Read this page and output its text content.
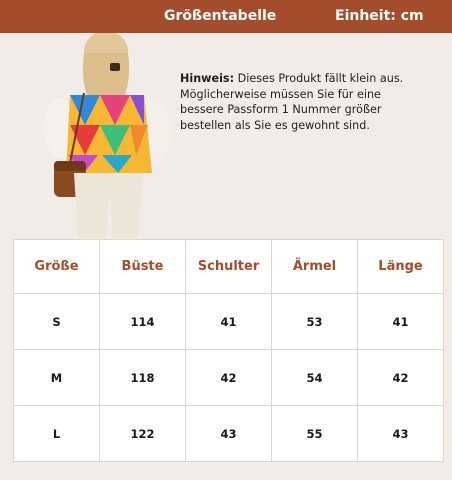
Größentabelle	Einheit: cm
Hinweis: Dieses Produkt fällt klein aus. Möglicherweise müssen Sie für eine bessere Passform 1 Nummer größer bestellen als Sie es gewohnt sind.
Größe	Büste	Schulter	Ärmel	Länge
S	114	41	53	41
M	118	42	54	42
L	122	43	55	43
